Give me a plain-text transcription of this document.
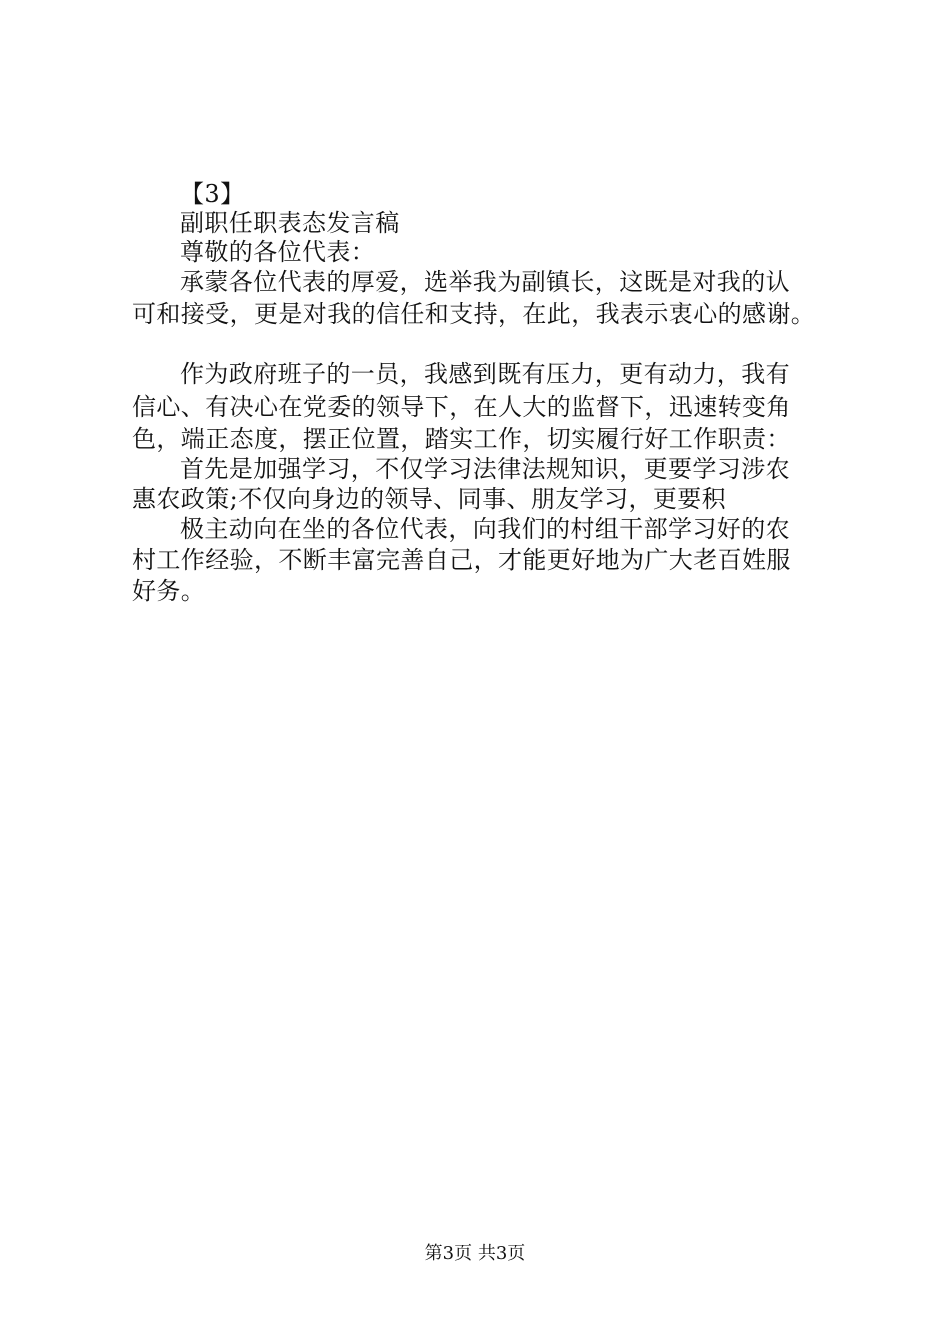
【3】
副职任职表态发言稿
尊敬的各位代表：
承蒙各位代表的厚爱，选举我为副镇长，这既是对我的认
可和接受，更是对我的信任和支持，在此，我表示衷心的感谢。
作为政府班子的一员，我感到既有压力，更有动力，我有
信心、有决心在党委的领导下，在人大的监督下，迅速转变角
色，端正态度，摆正位置，踏实工作，切实履行好工作职责：
首先是加强学习，不仅学习法律法规知识，更要学习涉农
惠农政策;不仅向身边的领导、同事、朋友学习，更要积
极主动向在坐的各位代表，向我们的村组干部学习好的农
村工作经验，不断丰富完善自己，才能更好地为广大老百姓服
好务。
第3页 共3页
